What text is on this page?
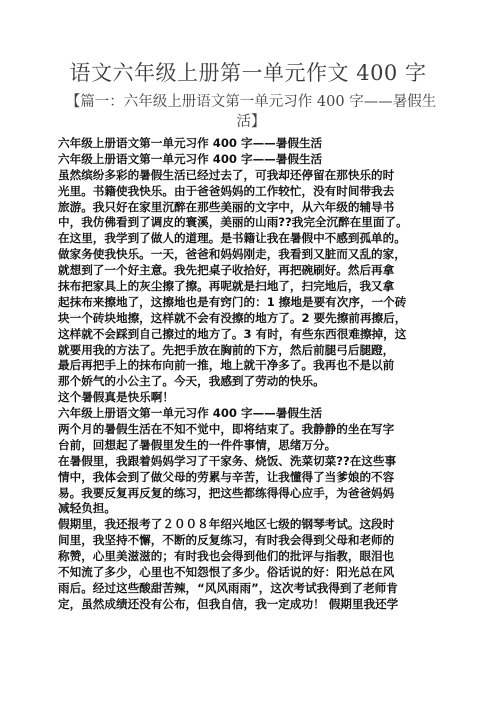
语文六年级上册第一单元作文 400 字
【篇一：六年级上册语文第一单元习作 400 字——暑假生活】
六年级上册语文第一单元习作 400 字——暑假生活
六年级上册语文第一单元习作 400 字——暑假生活
虽然缤纷多彩的暑假生活已经过去了，可我却还停留在那快乐的时
光里。书籍使我快乐。由于爸爸妈妈的工作较忙，没有时间带我去
旅游。我只好在家里沉醉在那些美丽的文字中，从六年级的辅导书
中，我仿佛看到了调皮的寰溪，美丽的山雨??我完全沉醉在里面了。
在这里，我学到了做人的道理。是书籍让我在暑假中不感到孤单的。
做家务使我快乐。一天，爸爸和妈妈刚走，我看到又脏而又乱的家，
就想到了一个好主意。我先把桌子收拾好，再把碗刷好。然后再拿
抹布把家具上的灰尘擦了擦。再呢就是扫地了，扫完地后，我又拿
起抹布来擦地了，这擦地也是有窍门的：1 擦地是要有次序，一个砖
块一个砖块地擦，这样就不会有没擦的地方了。2 要先擦前再擦后，
这样就不会踩到自己擦过的地方了。3 有时，有些东西很难擦掉，这
就要用我的方法了。先把手放在胸前的下方，然后前腿弓后腿蹬，
最后再把手上的抹布向前一推，地上就干净多了。我再也不是以前
那个娇气的小公主了。今天，我感到了劳动的快乐。
这个暑假真是快乐啊！
六年级上册语文第一单元习作 400 字——暑假生活
两个月的暑假生活在不知不觉中，即将结束了。我静静的坐在写字
台前，回想起了暑假里发生的一件件事情，思绪万分。
在暑假里，我跟着妈妈学习了干家务、烧饭、洗菜切菜??在这些事
情中，我体会到了做父母的劳累与辛苦，让我懂得了当爹娘的不容
易。我要反复再反复的练习，把这些都练得得心应手，为爸爸妈妈
减轻负担。
假期里，我还报考了２００８年绍兴地区七级的钢琴考试。这段时
间里，我坚持不懈，不断的反复练习，有时我会得到父母和老师的
称赞，心里美滋滋的；有时我也会得到他们的批评与指教，眼泪也
不知流了多少，心里也不知怨恨了多少。俗话说的好：阳光总在风
雨后。经过这些酸甜苦辣，“风风雨雨”，这次考试我得到了老师肯
定，虽然成绩还没有公布，但我自信，我一定成功！ 假期里我还学
